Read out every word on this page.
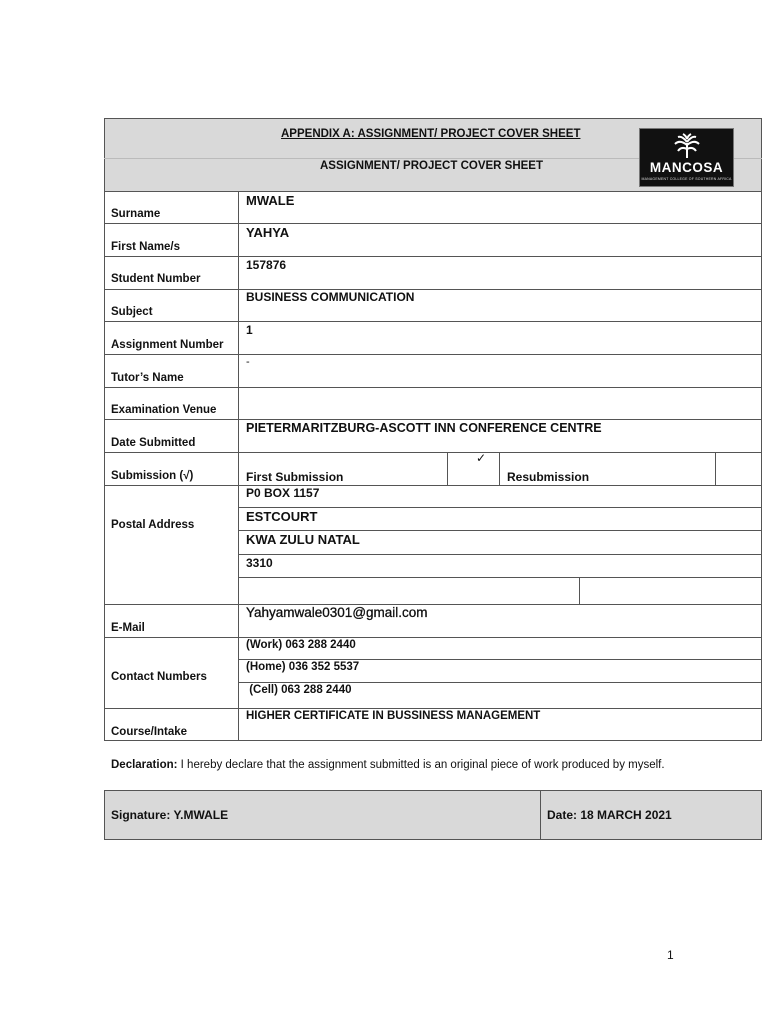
APPENDIX A: ASSIGNMENT/ PROJECT COVER SHEET
ASSIGNMENT/ PROJECT COVER SHEET	MANCOSA
MANAGEMENT COLLEGE OF SOUTHERN AFRICA
Surname
First Name/s
Student Number
Subject
Assignment Number
Tutor’s Name
Examination Venue
Date Submitted
Submission (√)
Postal Address
E-Mail
Contact Numbers
Course/Intake
MWALE
YAHYA
157876
BUSINESS COMMUNICATION
1
-
PIETERMARITZBURG-ASCOTT INN CONFERENCE CENTRE
First Submission
✓
Resubmission
P0 BOX 1157
ESTCOURT
KWA ZULU NATAL
3310
Yahyamwale0301@gmail.com
(Work) 063 288 2440
(Home) 036 352 5537
(Cell) 063 288 2440
HIGHER CERTIFICATE IN BUSSINESS MANAGEMENT
Declaration: I hereby declare that the assignment submitted is an original piece of work produced by myself.
Signature: Y.MWALE	Date: 18 MARCH 2021
1
